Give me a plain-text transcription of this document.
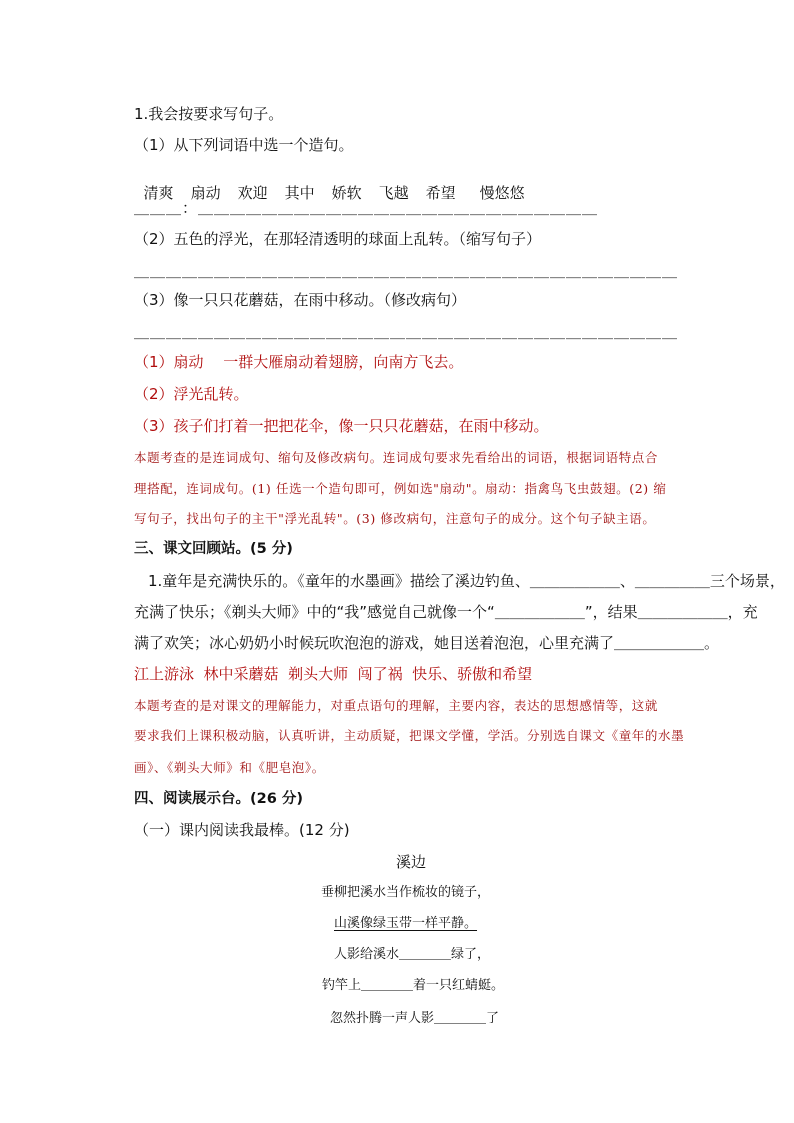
1.我会按要求写句子。
（1）从下列词语中选一个造句。

清爽 扇动 欢迎 其中 娇软 飞越 希望 慢悠悠

＿＿＿：＿＿＿＿＿＿＿＿＿＿＿＿＿＿＿＿＿＿＿＿＿＿＿＿＿
（2）五色的浮光，在那轻清透明的球面上乱转。（缩写句子）
＿＿＿＿＿＿＿＿＿＿＿＿＿＿＿＿＿＿＿＿＿＿＿＿＿＿＿＿＿＿＿＿＿＿
（3）像一只只花蘑菇，在雨中移动。（修改病句）
＿＿＿＿＿＿＿＿＿＿＿＿＿＿＿＿＿＿＿＿＿＿＿＿＿＿＿＿＿＿＿＿＿＿
（1）扇动　 一群大雁扇动着翅膀，向南方飞去。
（2）浮光乱转。
（3）孩子们打着一把把花伞，像一只只花蘑菇，在雨中移动。
本题考查的是连词成句、缩句及修改病句。连词成句要求先看给出的词语，根据词语特点合
理搭配，连词成句。(1) 任选一个造句即可，例如选"扇动"。扇动：指禽鸟飞虫鼓翅。(2) 缩
写句子，找出句子的主干"浮光乱转"。(3) 修改病句，注意句子的成分。这个句子缺主语。
三、课文回顾站。(5 分)
1.童年是充满快乐的。《童年的水墨画》描绘了溪边钓鱼、＿＿＿＿＿＿、＿＿＿＿＿三个场景，
充满了快乐；《剃头大师》中的“我”感觉自己就像一个“＿＿＿＿＿＿”，结果＿＿＿＿＿＿，充
满了欢笑；冰心奶奶小时候玩吹泡泡的游戏，她目送着泡泡，心里充满了＿＿＿＿＿＿。
江上游泳  林中采蘑菇  剃头大师  闯了祸  快乐、骄傲和希望
本题考查的是对课文的理解能力，对重点语句的理解，主要内容，表达的思想感情等，这就
要求我们上课积极动脑，认真听讲，主动质疑，把课文学懂，学活。分别选自课文《童年的水墨
画》、《剃头大师》和《肥皂泡》。
四、阅读展示台。(26 分)
（一）课内阅读我最棒。(12 分)
溪边
垂柳把溪水当作梳妆的镜子，
山溪像绿玉带一样平静。
人影给溪水＿＿＿＿绿了，
钓竿上＿＿＿＿着一只红蜻蜓。
忽然扑腾一声人影＿＿＿＿了
